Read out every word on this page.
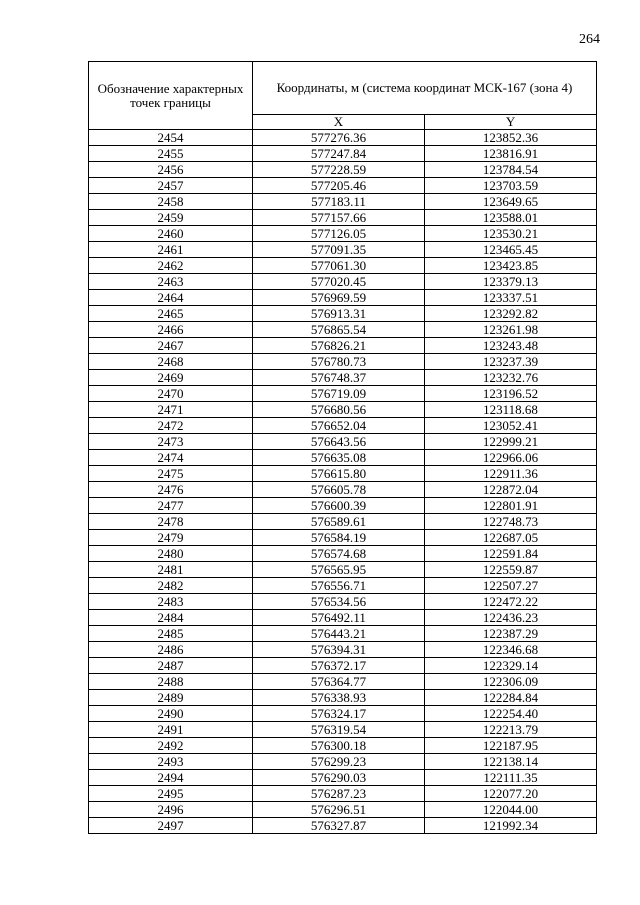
264
Обозначение характерных точек границы	Координаты, м (система координат МСК-167 (зона 4)	
	X	Y
2454	577276.36	123852.36
2455	577247.84	123816.91
2456	577228.59	123784.54
2457	577205.46	123703.59
2458	577183.11	123649.65
2459	577157.66	123588.01
2460	577126.05	123530.21
2461	577091.35	123465.45
2462	577061.30	123423.85
2463	577020.45	123379.13
2464	576969.59	123337.51
2465	576913.31	123292.82
2466	576865.54	123261.98
2467	576826.21	123243.48
2468	576780.73	123237.39
2469	576748.37	123232.76
2470	576719.09	123196.52
2471	576680.56	123118.68
2472	576652.04	123052.41
2473	576643.56	122999.21
2474	576635.08	122966.06
2475	576615.80	122911.36
2476	576605.78	122872.04
2477	576600.39	122801.91
2478	576589.61	122748.73
2479	576584.19	122687.05
2480	576574.68	122591.84
2481	576565.95	122559.87
2482	576556.71	122507.27
2483	576534.56	122472.22
2484	576492.11	122436.23
2485	576443.21	122387.29
2486	576394.31	122346.68
2487	576372.17	122329.14
2488	576364.77	122306.09
2489	576338.93	122284.84
2490	576324.17	122254.40
2491	576319.54	122213.79
2492	576300.18	122187.95
2493	576299.23	122138.14
2494	576290.03	122111.35
2495	576287.23	122077.20
2496	576296.51	122044.00
2497	576327.87	121992.34
